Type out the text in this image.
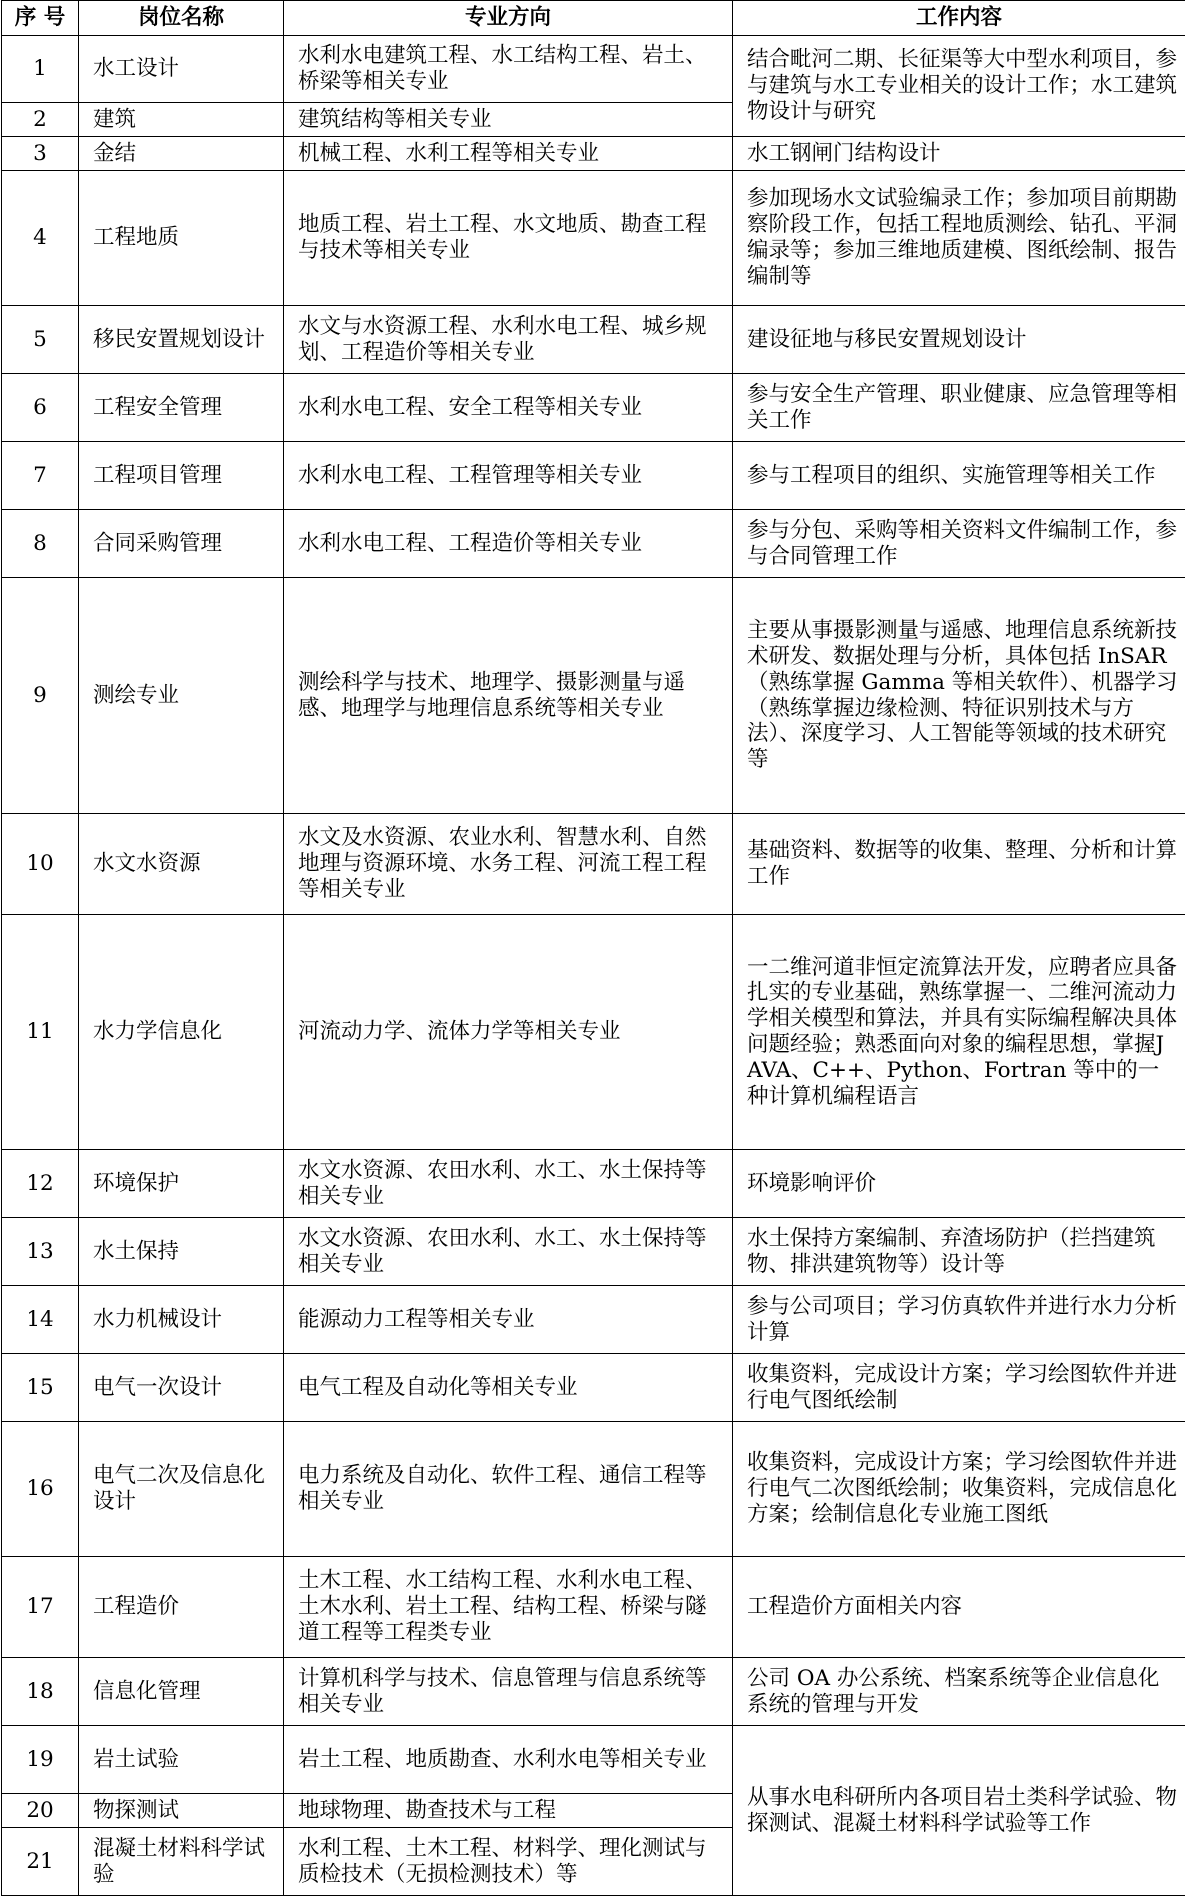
序 号	岗位名称	专业方向	工作内容
1	水工设计	水利水电建筑工程、水工结构工程、岩土、桥梁等相关专业	结合毗河二期、长征渠等大中型水利项目，参与建筑与水工专业相关的设计工作；水工建筑物设计与研究
2	建筑	建筑结构等相关专业	
3	金结	机械工程、水利工程等相关专业	水工钢闸门结构设计
4	工程地质	地质工程、岩土工程、水文地质、勘查工程与技术等相关专业	参加现场水文试验编录工作；参加项目前期勘察阶段工作，包括工程地质测绘、钻孔、平洞编录等；参加三维地质建模、图纸绘制、报告编制等
5	移民安置规划设计	水文与水资源工程、水利水电工程、城乡规划、工程造价等相关专业	建设征地与移民安置规划设计
6	工程安全管理	水利水电工程、安全工程等相关专业	参与安全生产管理、职业健康、应急管理等相关工作
7	工程项目管理	水利水电工程、工程管理等相关专业	参与工程项目的组织、实施管理等相关工作
8	合同采购管理	水利水电工程、工程造价等相关专业	参与分包、采购等相关资料文件编制工作，参与合同管理工作
9	测绘专业	测绘科学与技术、地理学、摄影测量与遥感、地理学与地理信息系统等相关专业	主要从事摄影测量与遥感、地理信息系统新技术研发、数据处理与分析，具体包括 InSAR（熟练掌握 Gamma 等相关软件）、机器学习（熟练掌握边缘检测、特征识别技术与方法）、深度学习、人工智能等领域的技术研究等
10	水文水资源	水文及水资源、农业水利、智慧水利、自然地理与资源环境、水务工程、河流工程工程等相关专业	基础资料、数据等的收集、整理、分析和计算工作
11	水力学信息化	河流动力学、流体力学等相关专业	一二维河道非恒定流算法开发，应聘者应具备扎实的专业基础，熟练掌握一、二维河流动力学相关模型和算法，并具有实际编程解决具体问题经验；熟悉面向对象的编程思想，掌握JAVA、C++、Python、Fortran 等中的一种计算机编程语言
12	环境保护	水文水资源、农田水利、水工、水土保持等相关专业	环境影响评价
13	水土保持	水文水资源、农田水利、水工、水土保持等相关专业	水土保持方案编制、弃渣场防护（拦挡建筑物、排洪建筑物等）设计等
14	水力机械设计	能源动力工程等相关专业	参与公司项目；学习仿真软件并进行水力分析计算
15	电气一次设计	电气工程及自动化等相关专业	收集资料，完成设计方案；学习绘图软件并进行电气图纸绘制
16	电气二次及信息化设计	电力系统及自动化、软件工程、通信工程等相关专业	收集资料，完成设计方案；学习绘图软件并进行电气二次图纸绘制；收集资料，完成信息化方案；绘制信息化专业施工图纸
17	工程造价	土木工程、水工结构工程、水利水电工程、土木水利、岩土工程、结构工程、桥梁与隧道工程等工程类专业	工程造价方面相关内容
18	信息化管理	计算机科学与技术、信息管理与信息系统等相关专业	公司 OA 办公系统、档案系统等企业信息化系统的管理与开发
19	岩土试验	岩土工程、地质勘查、水利水电等相关专业	从事水电科研所内各项目岩土类科学试验、物探测试、混凝土材料科学试验等工作
20	物探测试	地球物理、勘查技术与工程	
21	混凝土材料科学试验	水利工程、土木工程、材料学、理化测试与质检技术（无损检测技术）等	
